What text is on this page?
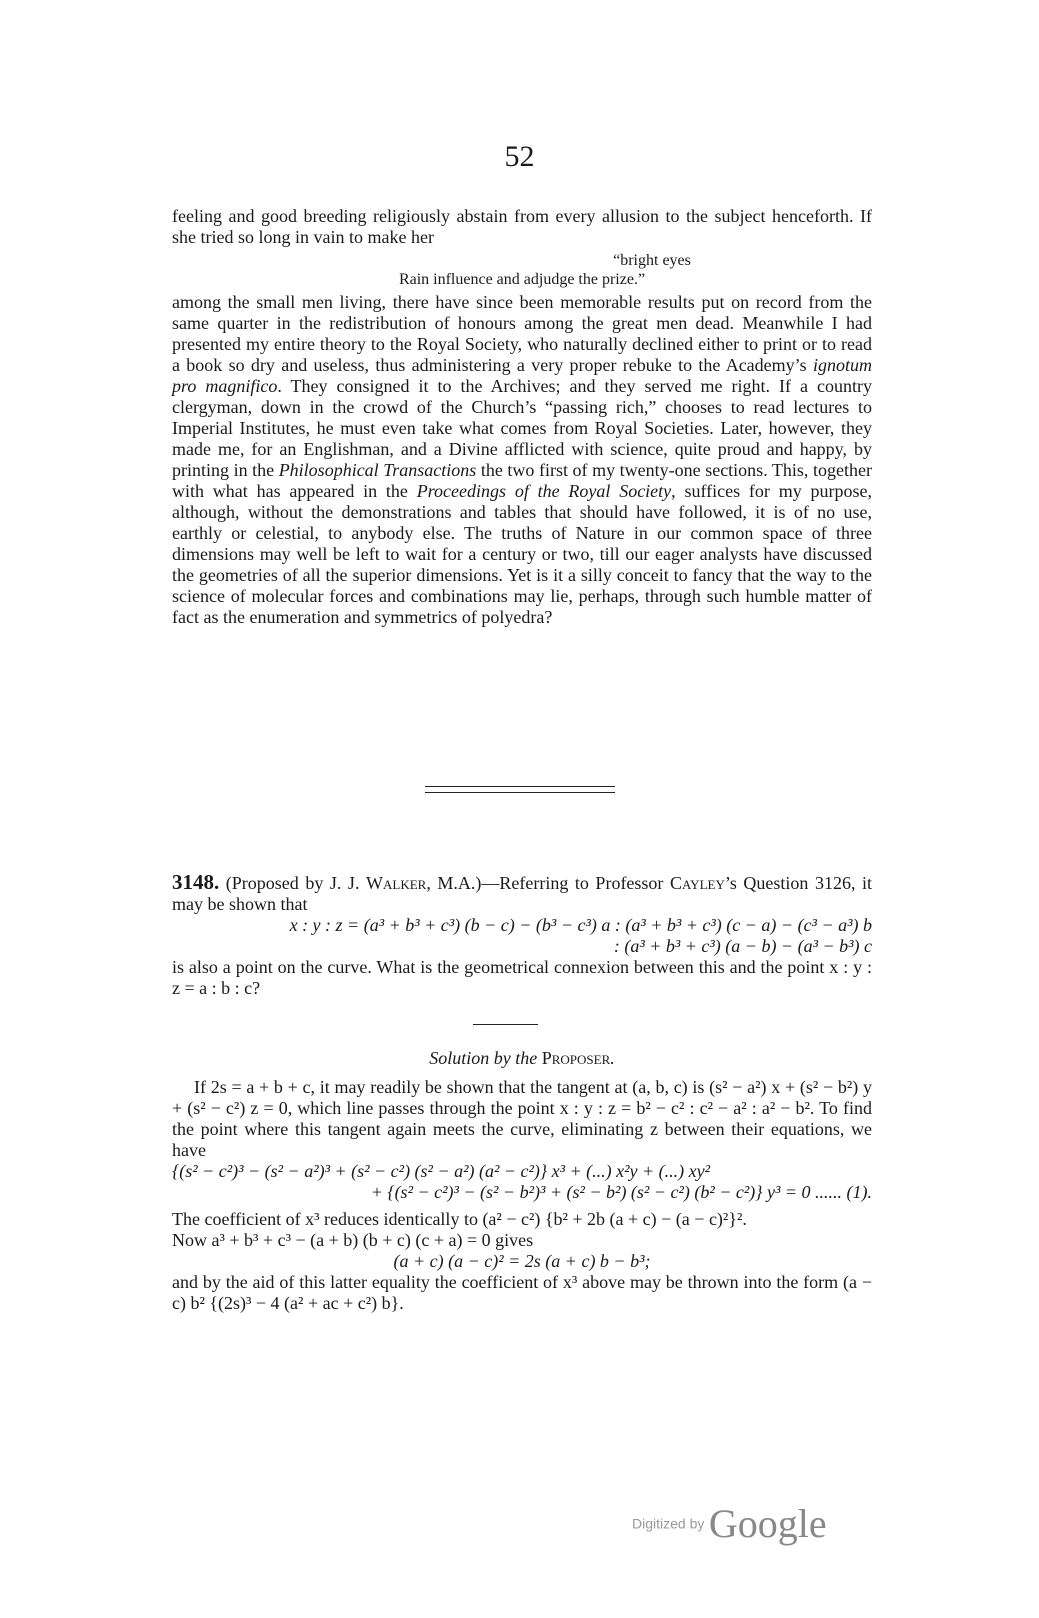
52

feeling and good breeding religiously abstain from every allusion to the subject henceforth. If she tried so long in vain to make her

“bright eyes
Rain influence and adjudge the prize.”

among the small men living, there have since been memorable results put on record from the same quarter in the redistribution of honours among the great men dead. Meanwhile I had presented my entire theory to the Royal Society, who naturally declined either to print or to read a book so dry and useless, thus administering a very proper rebuke to the Academy’s ignotum pro magnifico. They consigned it to the Archives; and they served me right. If a country clergyman, down in the crowd of the Church’s “passing rich,” chooses to read lectures to Imperial Institutes, he must even take what comes from Royal Societies. Later, however, they made me, for an Englishman, and a Divine afflicted with science, quite proud and happy, by printing in the Philosophical Transactions the two first of my twenty-one sections. This, together with what has appeared in the Proceedings of the Royal Society, suffices for my purpose, although, without the demonstrations and tables that should have followed, it is of no use, earthly or celestial, to anybody else. The truths of Nature in our common space of three dimensions may well be left to wait for a century or two, till our eager analysts have discussed the geometries of all the superior dimensions. Yet is it a silly conceit to fancy that the way to the science of molecular forces and combinations may lie, perhaps, through such humble matter of fact as the enumeration and symmetrics of polyedra?

3148. (Proposed by J. J. Walker, M.A.)—Referring to Professor Cayley’s Question 3126, it may be shown that

x : y : z = (a³ + b³ + c³) (b − c) − (b³ − c³) a : (a³ + b³ + c³) (c − a) − (c³ − a³) b
: (a³ + b³ + c³) (a − b) − (a³ − b³) c

is also a point on the curve. What is the geometrical connexion between this and the point x : y : z = a : b : c?

Solution by the Proposer.

If 2s = a + b + c, it may readily be shown that the tangent at (a, b, c) is (s² − a²) x + (s² − b²) y + (s² − c²) z = 0, which line passes through the point x : y : z = b² − c² : c² − a² : a² − b². To find the point where this tangent again meets the curve, eliminating z between their equations, we have

{(s² − c²)³ − (s² − a²)³ + (s² − c²) (s² − a²) (a² − c²)} x³ + (...) x²y + (...) xy²
+ {(s² − c²)³ − (s² − b²)³ + (s² − b²) (s² − c²) (b² − c²)} y³ = 0 ...... (1).

The coefficient of x³ reduces identically to (a² − c²) {b² + 2b (a + c) − (a − c)²}².

Now a³ + b³ + c³ − (a + b) (b + c) (c + a) = 0 gives

(a + c) (a − c)² = 2s (a + c) b − b³;

and by the aid of this latter equality the coefficient of x³ above may be thrown into the form (a − c) b² {(2s)³ − 4 (a² + ac + c²) b}.

Digitized by Google
